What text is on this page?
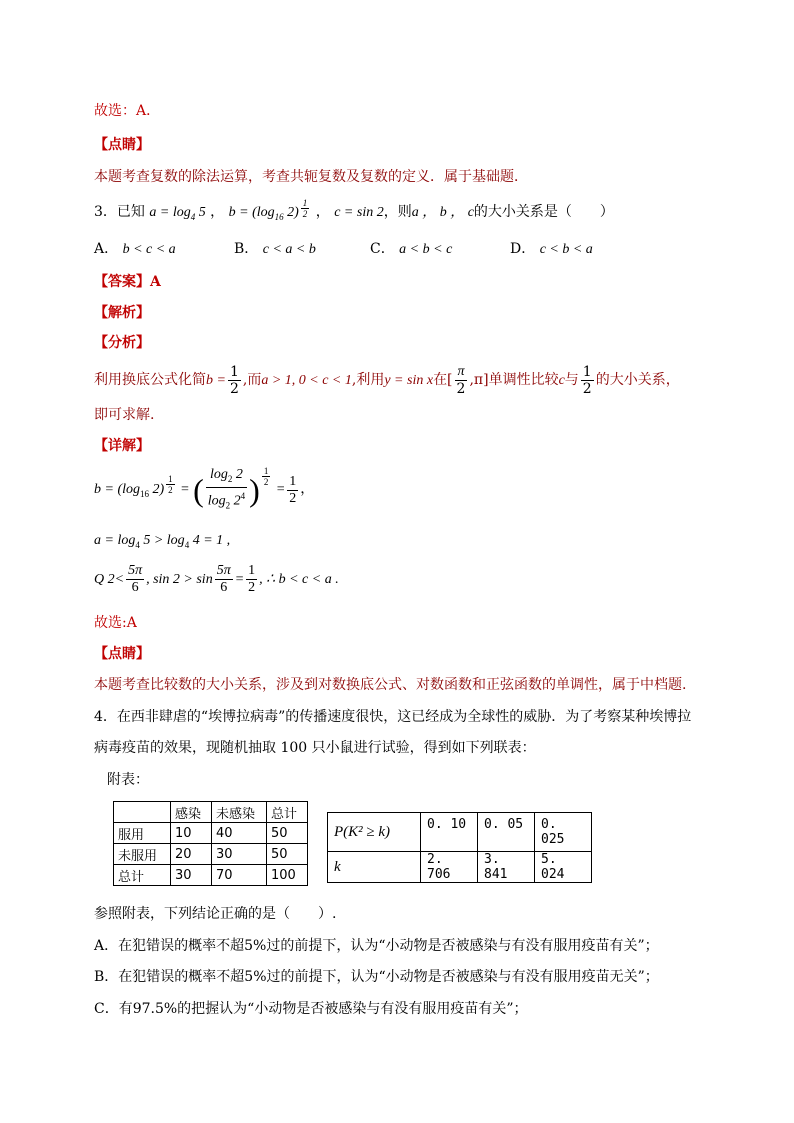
故选：A．
【点睛】
本题考查复数的除法运算，考查共轭复数及复数的定义．属于基础题．
3．已知 $a = \log_4 5$ ， $b = (\log_{16}$ $2) \frac{1}{2}$ ， c = sin 2，则a ， b ， c的大小关系是（　　）
A． b < c < a	B． c < a < b	C． a < b < c	D． c < b < a
【答案】A
【解析】
【分析】
利用换底公式化简$b = \frac{1}{2}$ ,而a > 1, 0 < c < 1,利用y = sin x在[ $\frac{\pi}{2} ,\pi$]单调性比较c与 $\frac{1}{2}$ 的大小关系，
即可求解.
【详解】
$b = (\log_{16}$ $2) \frac{1}{2}$ = ( $\frac{\log_2 2}{\log_2 2^4}$ ) $\frac{1}{2}$
= $\frac{1}{2}$ ，
$a = \log_4 5 > \log_4 4 = 1$ ,
Q $2< \frac{5\pi}{6}$ , $\sin 2 > \sin \frac{5\pi}{6} = \frac{1}{2}$ , ∴ b < c < a .
故选:A
【点睛】
本题考查比较数的大小关系，涉及到对数换底公式、对数函数和正弦函数的单调性，属于中档题.
4．在西非肆虐的“埃博拉病毒”的传播速度很快，这已经成为全球性的威胁．为了考察某种埃博拉
病毒疫苗的效果，现随机抽取 100 只小鼠进行试验，得到如下列联表：
附表：
	感染	未感染	总计
服用	10	40	50
未服用	20	30	50
总计	30	70	100
P(K² ≥ k)	0. 10	0. 05	0. 025
k	2. 706	3. 841	5. 024
参照附表，下列结论正确的是（　　）.
A．在犯错误的概率不超5%过的前提下，认为“小动物是否被感染与有没有服用疫苗有关”；
B．在犯错误的概率不超5%过的前提下，认为“小动物是否被感染与有没有服用疫苗无关”；
C．有97.5%的把握认为“小动物是否被感染与有没有服用疫苗有关”；
